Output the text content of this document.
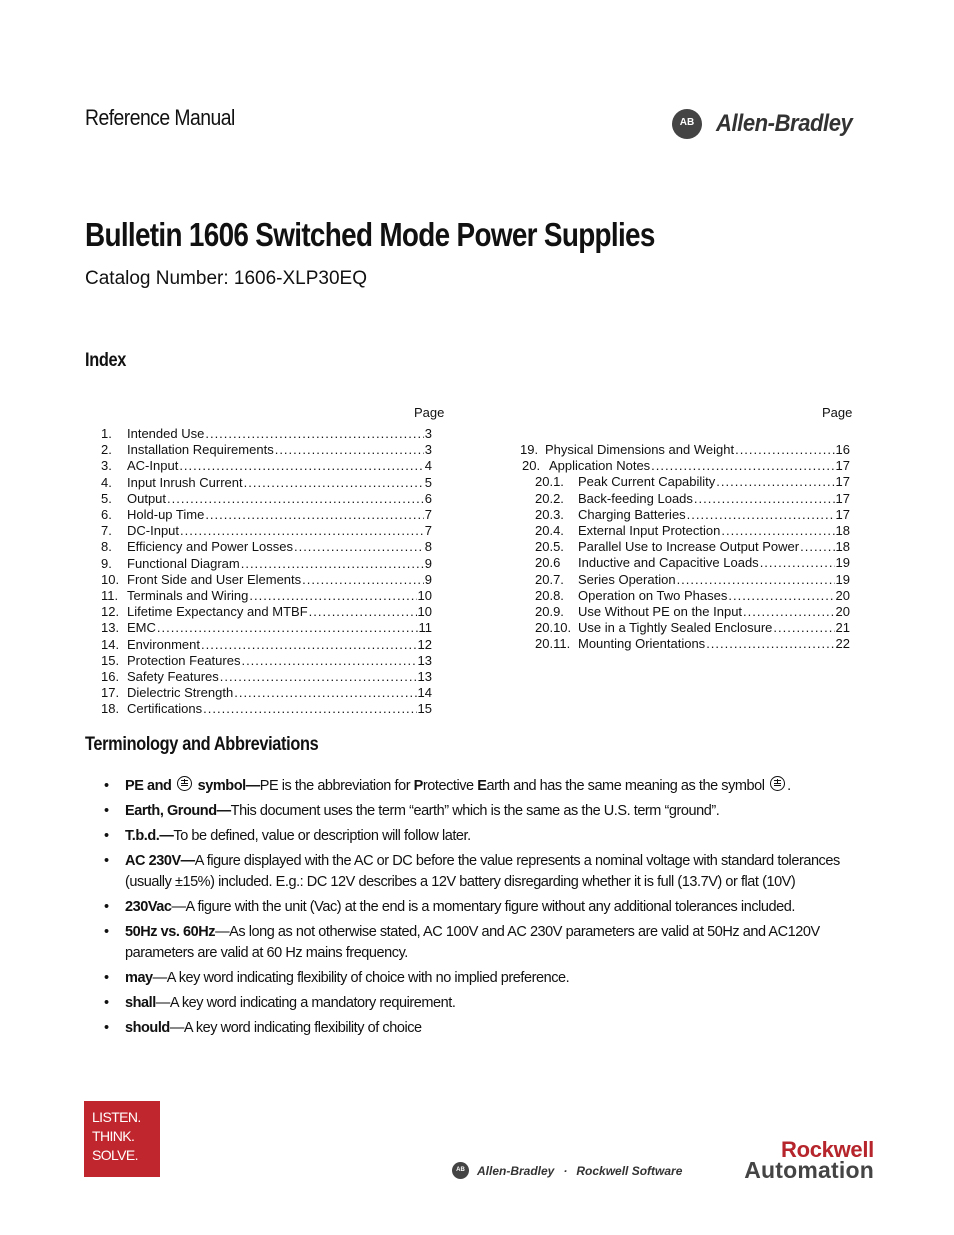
Reference Manual	AB Allen-Bradley
Bulletin 1606 Switched Mode Power Supplies
Catalog Number: 1606-XLP30EQ
Index
Page	Page
1.	Intended Use .....	3
2.	Installation Requirements .....	3
3.	AC-Input .....	4
4.	Input Inrush Current .....	5
5.	Output .....	6
6.	Hold-up Time .....	7
7.	DC-Input .....	7
8.	Efficiency and Power Losses .....	8
9.	Functional Diagram .....	9
10. Front Side and User Elements .....	9
11. Terminals and Wiring .....	10
12. Lifetime Expectancy and MTBF .....	10
13. EMC .....	11
14. Environment .....	12
15. Protection Features .....	13
16. Safety Features .....	13
17. Dielectric Strength .....	14
18. Certifications .....	15
19. Physical Dimensions and Weight .....	16
20. Application Notes .....	17
20.1.	Peak Current Capability .....	17
20.2.	Back-feeding Loads .....	17
20.3.	Charging Batteries .....	17
20.4.	External Input Protection .....	18
20.5.	Parallel Use to Increase Output Power .....	18
20.6	Inductive and Capacitive Loads .....	19
20.7.	Series Operation .....	19
20.8.	Operation on Two Phases .....	20
20.9.	Use Without PE on the Input .....	20
20.10. Use in a Tightly Sealed Enclosure .....	21
20.11. Mounting Orientations .....	22
Terminology and Abbreviations
• PE and symbol—PE is the abbreviation for Protective Earth and has the same meaning as the symbol .
• Earth, Ground—This document uses the term “earth” which is the same as the U.S. term “ground”.
• T.b.d.—To be defined, value or description will follow later.
• AC 230V—A figure displayed with the AC or DC before the value represents a nominal voltage with standard tolerances (usually ±15%) included. E.g.: DC 12V describes a 12V battery disregarding whether it is full (13.7V) or flat (10V)
• 230Vac—A figure with the unit (Vac) at the end is a momentary figure without any additional tolerances included.
• 50Hz vs. 60Hz—As long as not otherwise stated, AC 100V and AC 230V parameters are valid at 50Hz and AC120V parameters are valid at 60 Hz mains frequency.
• may—A key word indicating flexibility of choice with no implied preference.
• shall—A key word indicating a mandatory requirement.
• should—A key word indicating flexibility of choice
LISTEN.
THINK.
SOLVE.
AB	Allen-Bradley · Rockwell Software
Rockwell
Automation
